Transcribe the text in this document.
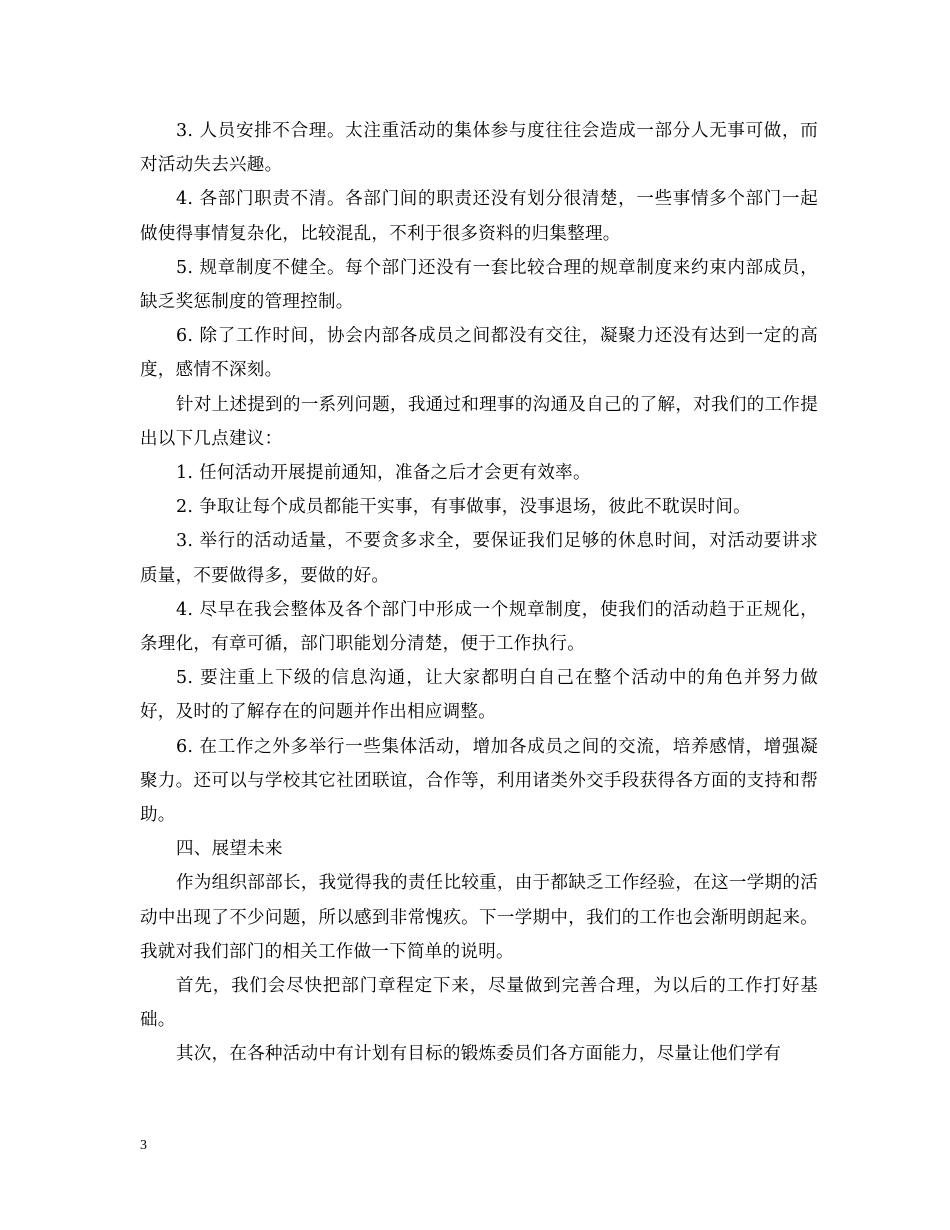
3. 人员安排不合理。太注重活动的集体参与度往往会造成一部分人无事可做，而对活动失去兴趣。

4. 各部门职责不清。各部门间的职责还没有划分很清楚，一些事情多个部门一起做使得事情复杂化，比较混乱，不利于很多资料的归集整理。

5. 规章制度不健全。每个部门还没有一套比较合理的规章制度来约束内部成员，缺乏奖惩制度的管理控制。

6. 除了工作时间，协会内部各成员之间都没有交往，凝聚力还没有达到一定的高度，感情不深刻。

针对上述提到的一系列问题，我通过和理事的沟通及自己的了解，对我们的工作提出以下几点建议：

1. 任何活动开展提前通知，准备之后才会更有效率。

2. 争取让每个成员都能干实事，有事做事，没事退场，彼此不耽误时间。

3. 举行的活动适量，不要贪多求全，要保证我们足够的休息时间，对活动要讲求质量，不要做得多，要做的好。

4. 尽早在我会整体及各个部门中形成一个规章制度，使我们的活动趋于正规化，条理化，有章可循，部门职能划分清楚，便于工作执行。

5. 要注重上下级的信息沟通，让大家都明白自己在整个活动中的角色并努力做好，及时的了解存在的问题并作出相应调整。

6. 在工作之外多举行一些集体活动，增加各成员之间的交流，培养感情，增强凝聚力。还可以与学校其它社团联谊，合作等，利用诸类外交手段获得各方面的支持和帮助。

四、展望未来

作为组织部部长，我觉得我的责任比较重，由于都缺乏工作经验，在这一学期的活动中出现了不少问题，所以感到非常愧疚。下一学期中，我们的工作也会渐明朗起来。我就对我们部门的相关工作做一下简单的说明。

首先，我们会尽快把部门章程定下来，尽量做到完善合理，为以后的工作打好基础。

其次，在各种活动中有计划有目标的锻炼委员们各方面能力，尽量让他们学有

3
